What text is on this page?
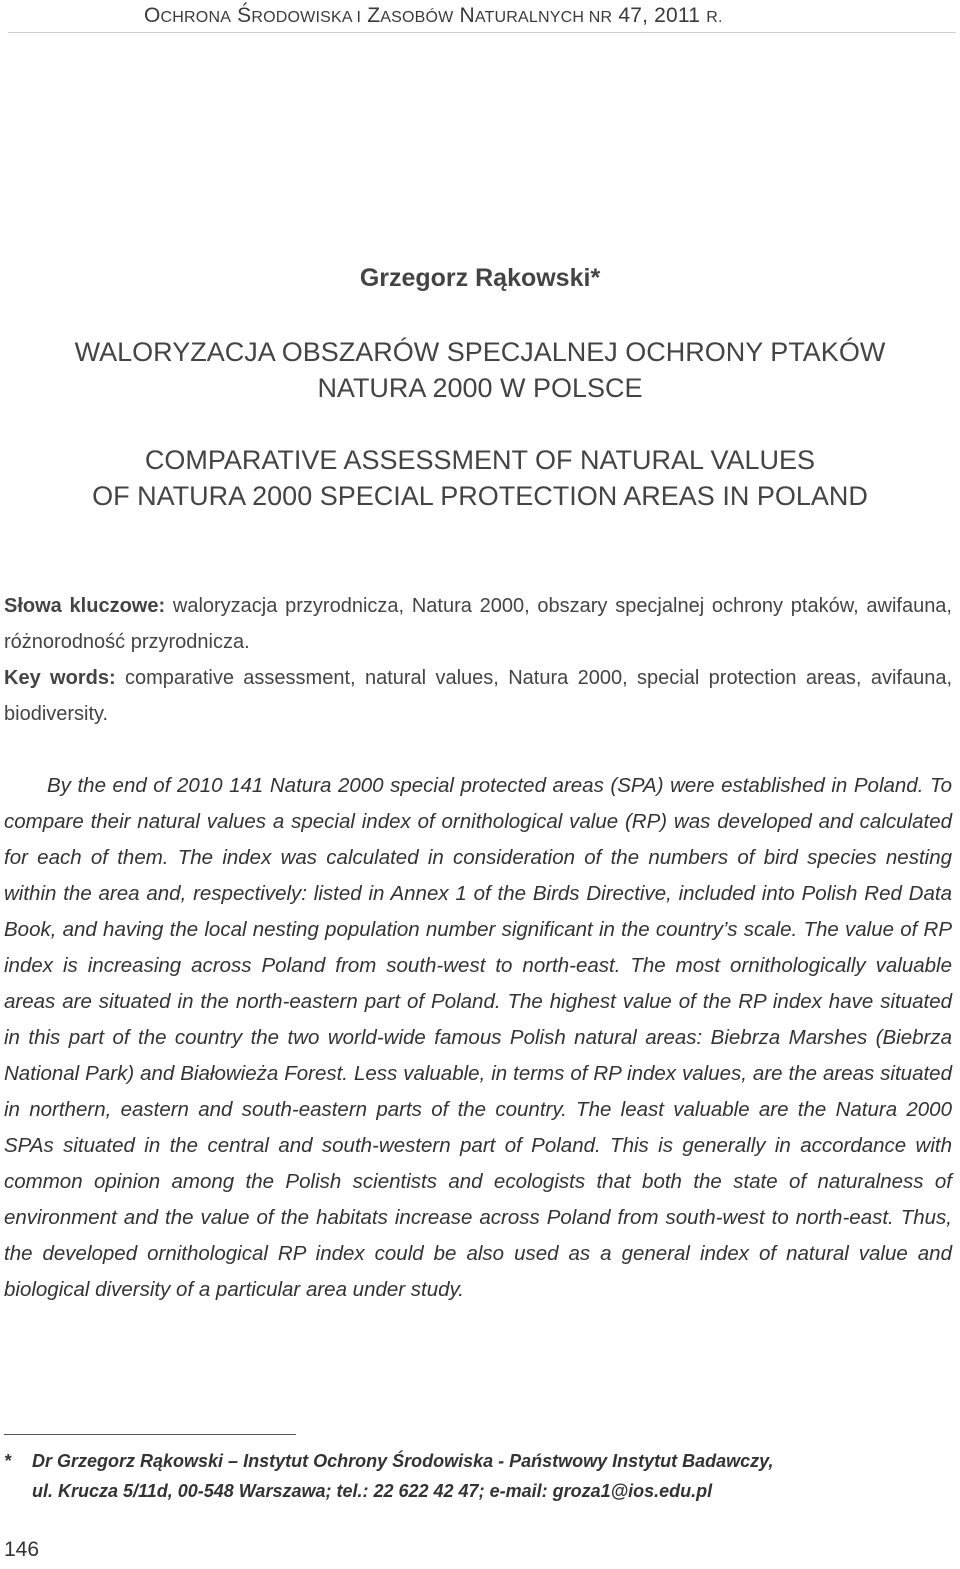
OCHRONA ŚRODOWISKA I ZASOBÓW NATURALNYCH NR 47, 2011 R.
Grzegorz Rąkowski*
WALORYZACJA OBSZARÓW SPECJALNEJ OCHRONY PTAKÓW
NATURA 2000 W POLSCE
COMPARATIVE ASSESSMENT OF NATURAL VALUES
OF NATURA 2000 SPECIAL PROTECTION AREAS IN POLAND
Słowa kluczowe: waloryzacja przyrodnicza, Natura 2000, obszary specjalnej ochrony ptaków, awifauna, różnorodność przyrodnicza.
Key words: comparative assessment, natural values, Natura 2000, special protection areas, avifauna, biodiversity.
By the end of 2010 141 Natura 2000 special protected areas (SPA) were established in Poland. To compare their natural values a special index of ornithological value (RP) was developed and calculated for each of them. The index was calculated in consideration of the numbers of bird species nesting within the area and, respectively: listed in Annex 1 of the Birds Directive, included into Polish Red Data Book, and having the local nesting population number significant in the country’s scale. The value of RP index is increasing across Poland from south-west to north-east. The most ornithologically valuable areas are situated in the north-eastern part of Poland. The highest value of the RP index have situated in this part of the country the two world-wide famous Polish natural areas: Biebrza Marshes (Biebrza National Park) and Białowieża Forest. Less valuable, in terms of RP index values, are the areas situated in northern, eastern and south-eastern parts of the country. The least valuable are the Natura 2000 SPAs situated in the central and south-western part of Poland. This is generally in accordance with common opinion among the Polish scientists and ecologists that both the state of naturalness of environment and the value of the habitats increase across Poland from south-west to north-east. Thus, the developed ornithological RP index could be also used as a general index of natural value and biological diversity of a particular area under study.
* Dr Grzegorz Rąkowski – Instytut Ochrony Środowiska - Państwowy Instytut Badawczy,
ul. Krucza 5/11d, 00-548 Warszawa; tel.: 22 622 42 47; e-mail: groza1@ios.edu.pl
146
